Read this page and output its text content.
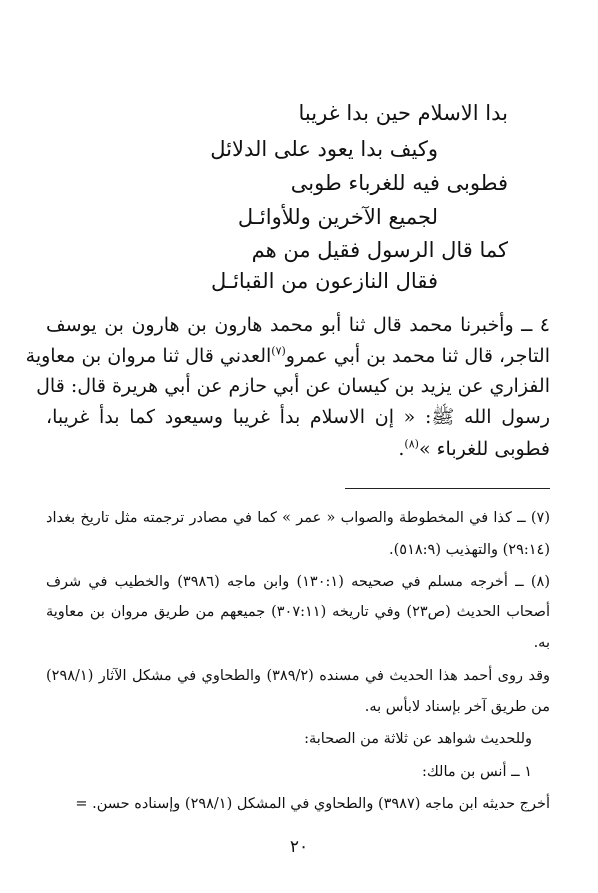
بدا الاسلام حين بدا غريبا
وكيف بدا يعود على الدلائل
فطوبى فيه للغرباء طوبى
لجميع الآخرين وللأوائـل
كما قال الرسول فقيل من هم
فقال النازعون من القبائـل
٤ ــ وأخبرنا محمد قال ثنا أبو محمد هارون بن هارون بن يوسف
التاجر، قال ثنا محمد بن أبي عمرو$^{(٧)}$العدني قال ثنا مروان بن معاوية
الفزاري عن يزيد بن كيسان عن أبي حازم عن أبي هريرة قال: قال
رسول الله ﷺ: « إن الاسلام بدأ غريبا وسيعود كما بدأ غريبا،
فطوبى للغرباء »$^{(٨)}$.
(٧) ــ كذا في المخطوطة والصواب « عمر » كما في مصادر ترجمته مثل تاريخ بغداد
(٢٩:١٤) والتهذيب (٥١٨:٩).
(٨) ــ أخرجه مسلم في صحيحه (١٣٠:١) وابن ماجه (٣٩٨٦) والخطيب في شرف
أصحاب الحديث (ص٢٣) وفي تاريخه (٣٠٧:١١) جميعهم من طريق مروان بن معاوية
به.
وقد روى أحمد هذا الحديث في مسنده (٣٨٩/٢) والطحاوي في مشكل الآثار (٢٩٨/١)
من طريق آخر بإسناد لابأس به.
وللحديث شواهد عن ثلاثة من الصحابة:
١ ــ أنس بن مالك:
أخرج حديثه ابن ماجه (٣٩٨٧) والطحاوي في المشكل (٢٩٨/١) وإسناده حسن. =
٢٠
